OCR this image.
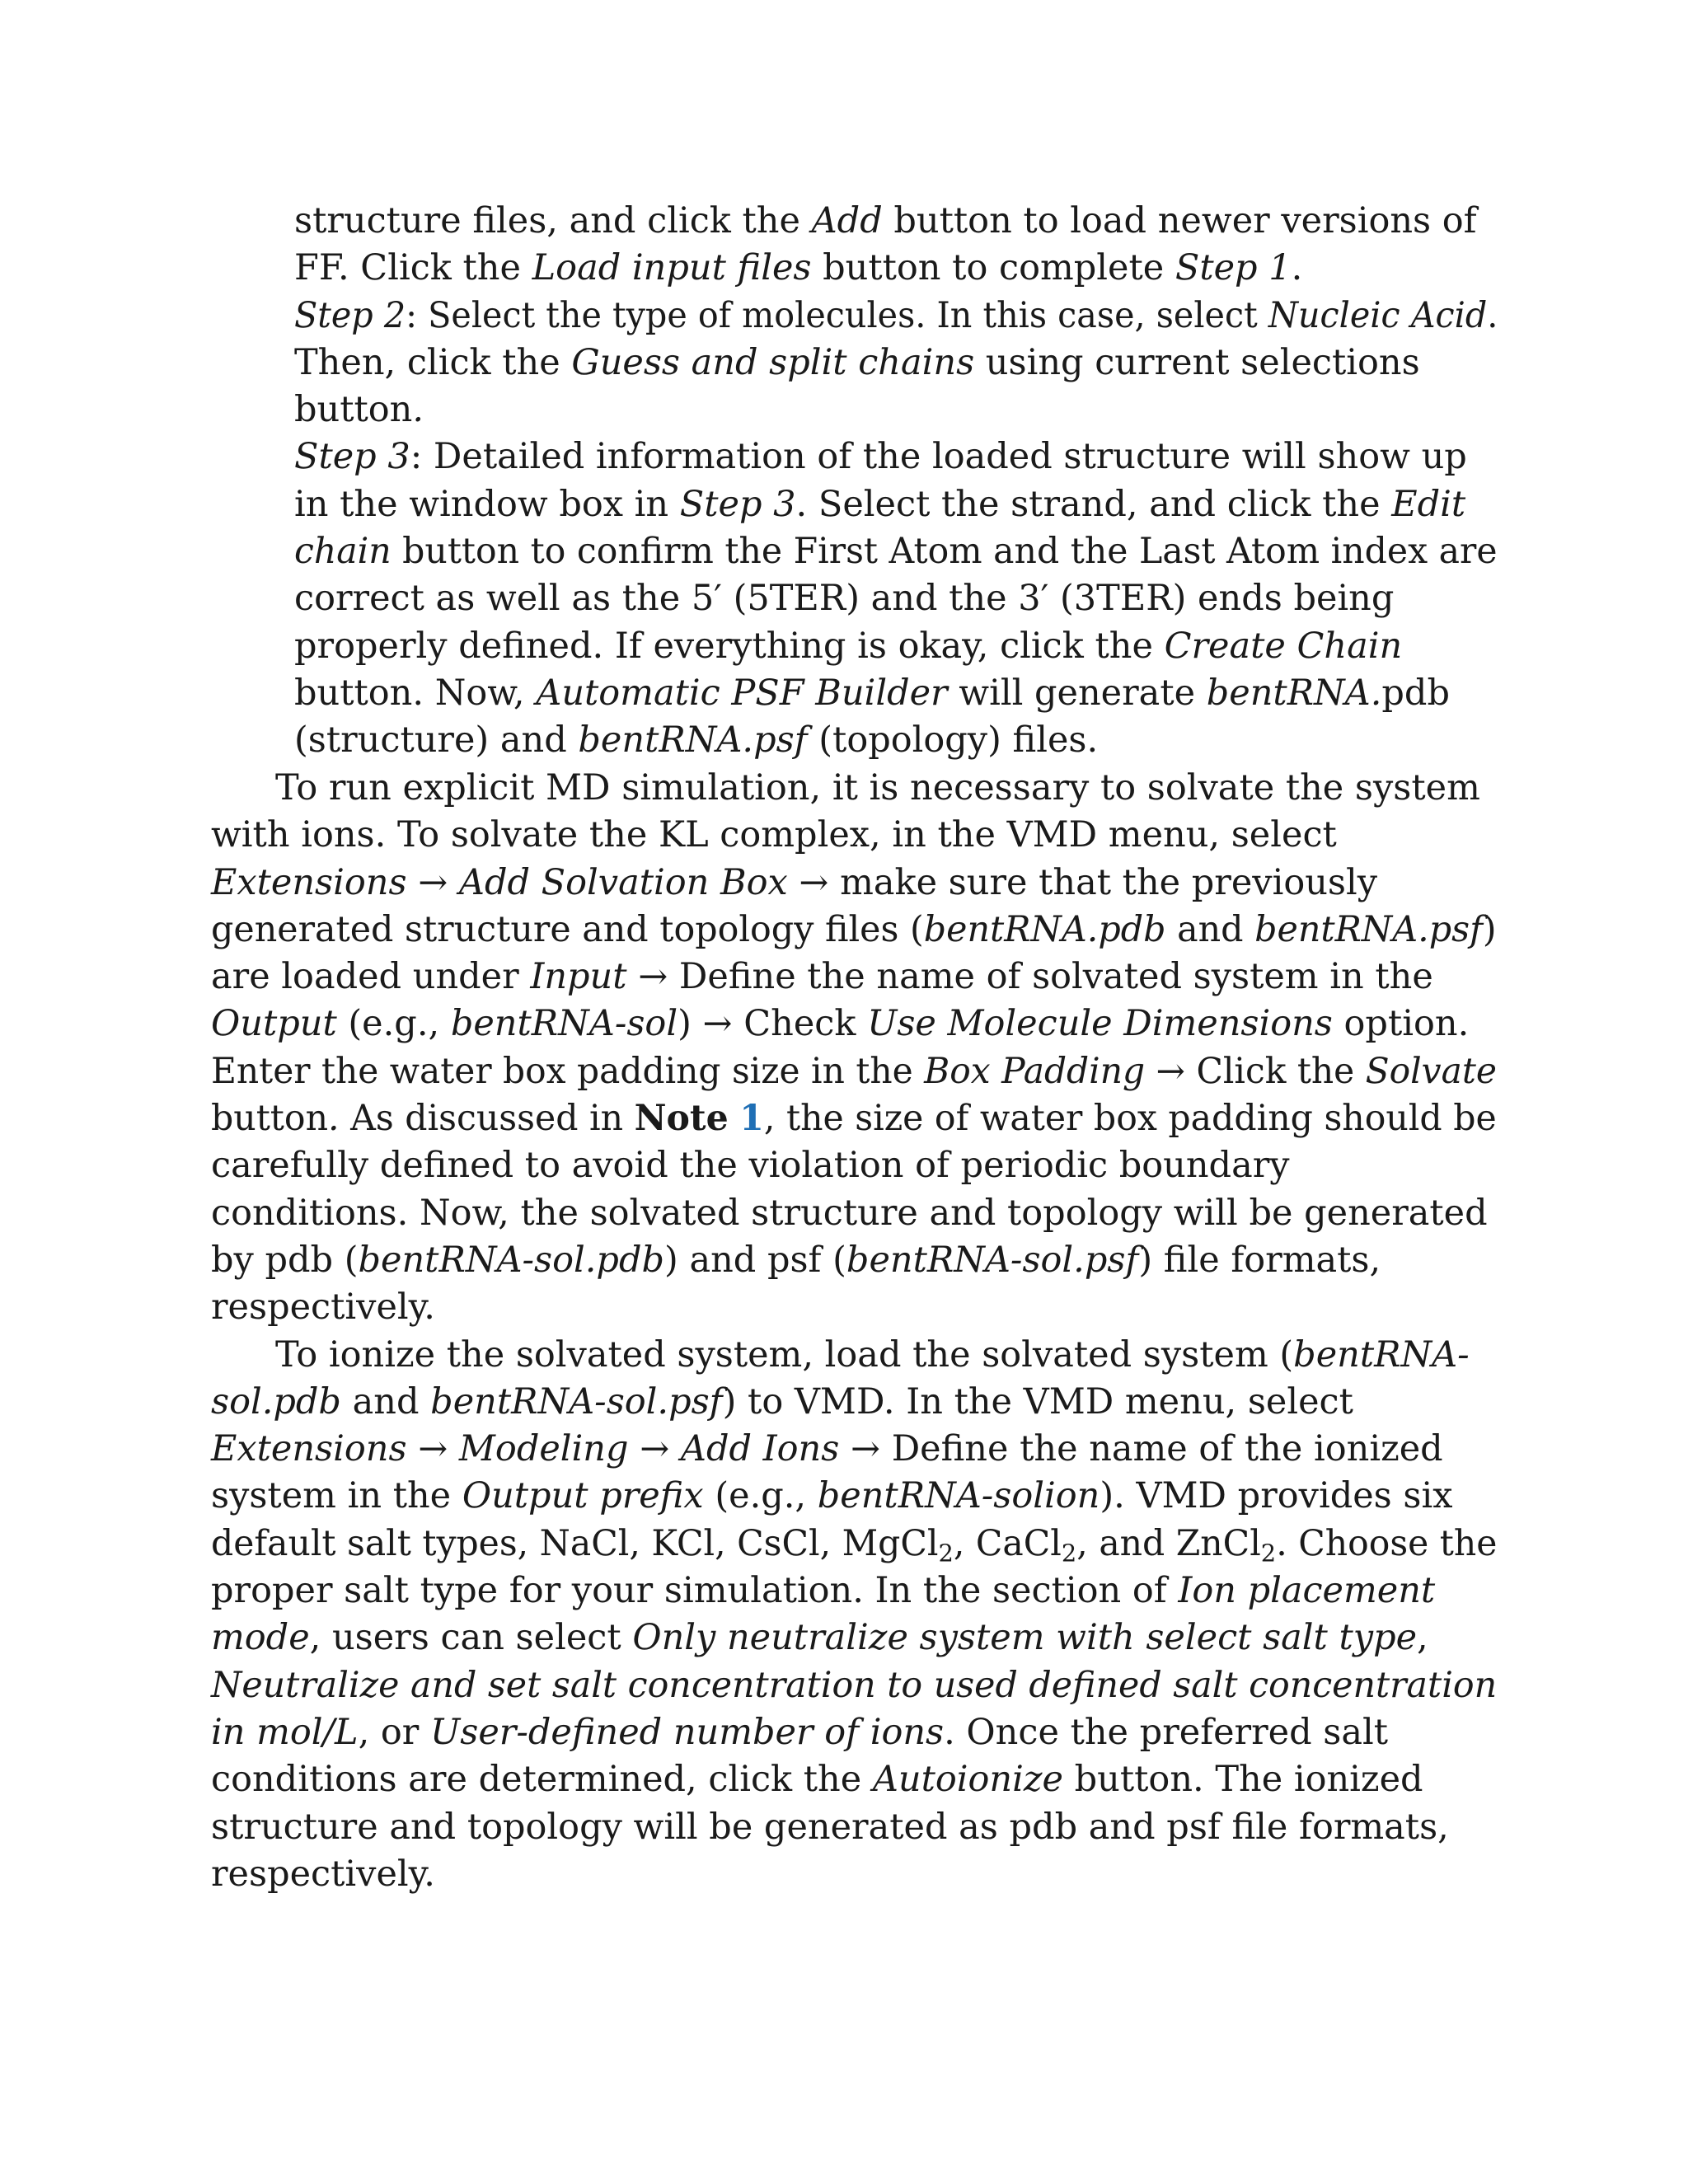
structure files, and click the Add button to load newer versions of
FF. Click the Load input files button to complete Step 1.
Step 2: Select the type of molecules. In this case, select Nucleic Acid.
Then, click the Guess and split chains using current selections
button.
Step 3: Detailed information of the loaded structure will show up
in the window box in Step 3. Select the strand, and click the Edit
chain button to confirm the First Atom and the Last Atom index are
correct as well as the 5′ (5TER) and the 3′ (3TER) ends being
properly defined. If everything is okay, click the Create Chain
button. Now, Automatic PSF Builder will generate bentRNA.pdb
(structure) and bentRNA.psf (topology) files.
To run explicit MD simulation, it is necessary to solvate the system
with ions. To solvate the KL complex, in the VMD menu, select
Extensions → Add Solvation Box → make sure that the previously
generated structure and topology files (bentRNA.pdb and bentRNA.psf)
are loaded under Input → Define the name of solvated system in the
Output (e.g., bentRNA-sol) → Check Use Molecule Dimensions option.
Enter the water box padding size in the Box Padding → Click the Solvate
button. As discussed in Note 1, the size of water box padding should be
carefully defined to avoid the violation of periodic boundary
conditions. Now, the solvated structure and topology will be generated
by pdb (bentRNA-sol.pdb) and psf (bentRNA-sol.psf) file formats,
respectively.
To ionize the solvated system, load the solvated system (bentRNA-
sol.pdb and bentRNA-sol.psf) to VMD. In the VMD menu, select
Extensions → Modeling → Add Ions → Define the name of the ionized
system in the Output prefix (e.g., bentRNA-solion). VMD provides six
default salt types, NaCl, KCl, CsCl, MgCl$_2$, CaCl$_2$, and ZnCl$_2$. Choose the
proper salt type for your simulation. In the section of Ion placement
mode, users can select Only neutralize system with select salt type,
Neutralize and set salt concentration to used defined salt concentration
in mol/L, or User-defined number of ions. Once the preferred salt
conditions are determined, click the Autoionize button. The ionized
structure and topology will be generated as pdb and psf file formats,
respectively.
